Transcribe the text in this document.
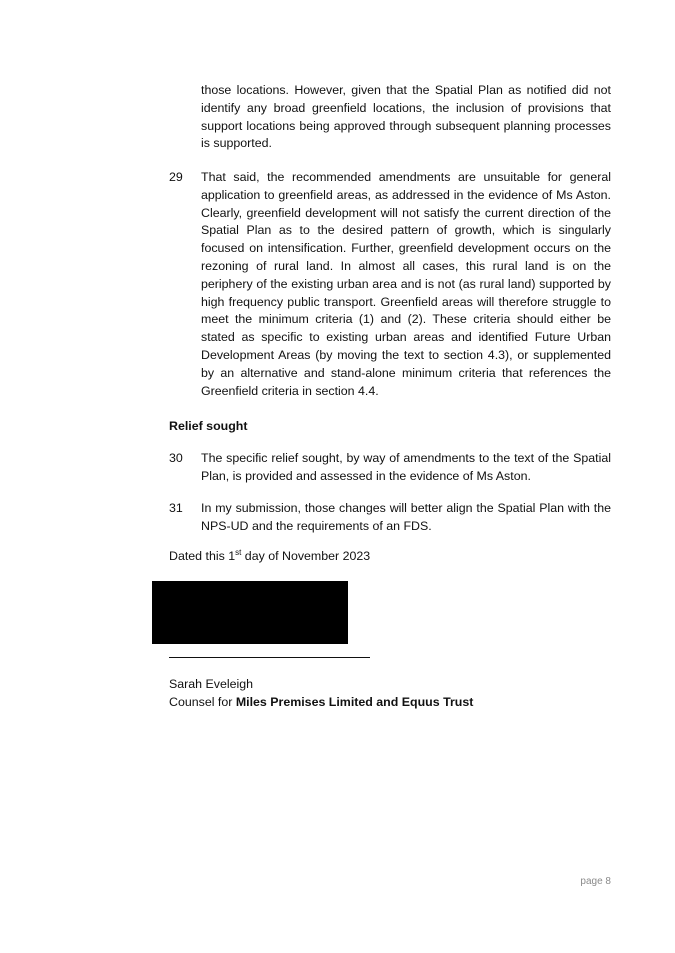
those locations. However, given that the Spatial Plan as notified did not identify any broad greenfield locations, the inclusion of provisions that support locations being approved through subsequent planning processes is supported.
29 That said, the recommended amendments are unsuitable for general application to greenfield areas, as addressed in the evidence of Ms Aston. Clearly, greenfield development will not satisfy the current direction of the Spatial Plan as to the desired pattern of growth, which is singularly focused on intensification. Further, greenfield development occurs on the rezoning of rural land. In almost all cases, this rural land is on the periphery of the existing urban area and is not (as rural land) supported by high frequency public transport. Greenfield areas will therefore struggle to meet the minimum criteria (1) and (2). These criteria should either be stated as specific to existing urban areas and identified Future Urban Development Areas (by moving the text to section 4.3), or supplemented by an alternative and stand-alone minimum criteria that references the Greenfield criteria in section 4.4.
Relief sought
30 The specific relief sought, by way of amendments to the text of the Spatial Plan, is provided and assessed in the evidence of Ms Aston.
31 In my submission, those changes will better align the Spatial Plan with the NPS-UD and the requirements of an FDS.
Dated this 1st day of November 2023
Sarah Eveleigh
Counsel for Miles Premises Limited and Equus Trust
page 8
